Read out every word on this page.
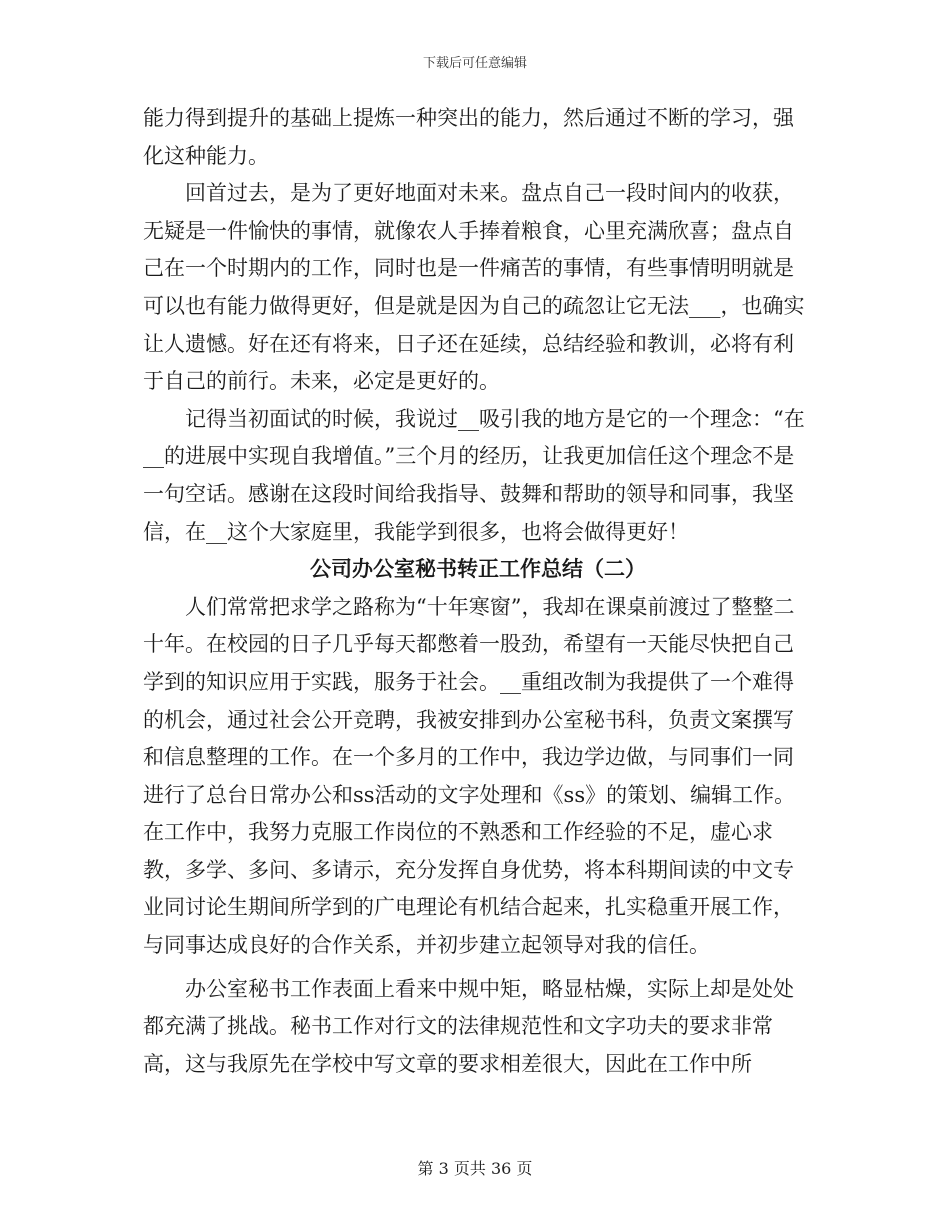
下载后可任意编辑

能力得到提升的基础上提炼一种突出的能力，然后通过不断的学习，强化这种能力。

回首过去，是为了更好地面对未来。盘点自己一段时间内的收获，无疑是一件愉快的事情，就像农人手捧着粮食，心里充满欣喜；盘点自己在一个时期内的工作，同时也是一件痛苦的事情，有些事情明明就是可以也有能力做得更好，但是就是因为自己的疏忽让它无法___，也确实让人遗憾。好在还有将来，日子还在延续，总结经验和教训，必将有利于自己的前行。未来，必定是更好的。

记得当初面试的时候，我说过__吸引我的地方是它的一个理念：“在__的进展中实现自我增值。”三个月的经历，让我更加信任这个理念不是一句空话。感谢在这段时间给我指导、鼓舞和帮助的领导和同事，我坚信，在__这个大家庭里，我能学到很多，也将会做得更好！

公司办公室秘书转正工作总结（二）

人们常常把求学之路称为“十年寒窗”，我却在课桌前渡过了整整二十年。在校园的日子几乎每天都憋着一股劲，希望有一天能尽快把自己学到的知识应用于实践，服务于社会。__重组改制为我提供了一个难得的机会，通过社会公开竞聘，我被安排到办公室秘书科，负责文案撰写和信息整理的工作。在一个多月的工作中，我边学边做，与同事们一同进行了总台日常办公和ss活动的文字处理和《ss》的策划、编辑工作。在工作中，我努力克服工作岗位的不熟悉和工作经验的不足，虚心求教，多学、多问、多请示，充分发挥自身优势，将本科期间读的中文专业同讨论生期间所学到的广电理论有机结合起来，扎实稳重开展工作，与同事达成良好的合作关系，并初步建立起领导对我的信任。

办公室秘书工作表面上看来中规中矩，略显枯燥，实际上却是处处都充满了挑战。秘书工作对行文的法律规范性和文字功夫的要求非常高，这与我原先在学校中写文章的要求相差很大，因此在工作中所

第 3 页共 36 页
